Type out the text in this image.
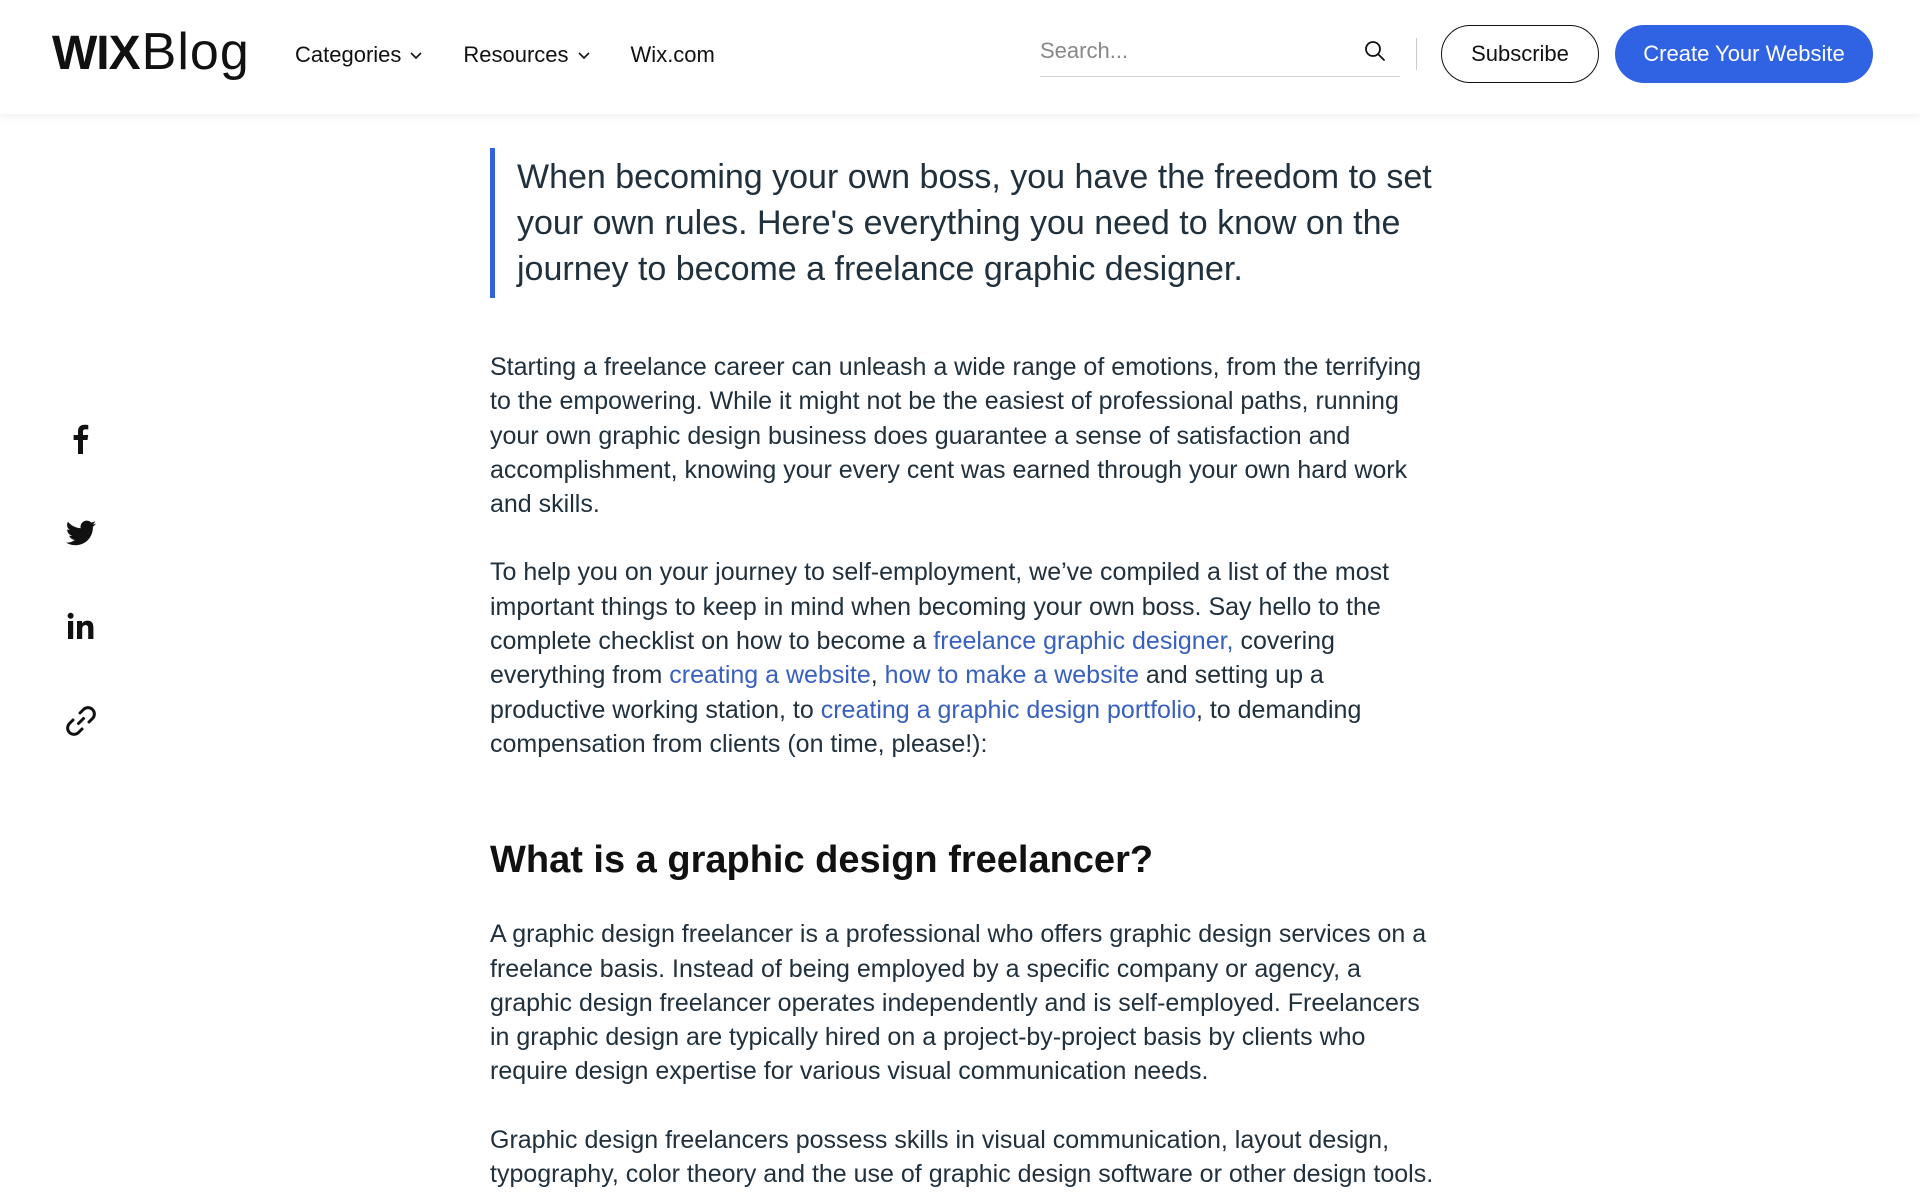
WIX Blog Categories	Resources	Wix.com
Search...	Subscribe	Create Your Website
When becoming your own boss, you have the freedom to set your own rules. Here's everything you need to know on the journey to become a freelance graphic designer.

Starting a freelance career can unleash a wide range of emotions, from the terrifying to the empowering. While it might not be the easiest of professional paths, running your own graphic design business does guarantee a sense of satisfaction and accomplishment, knowing your every cent was earned through your own hard work and skills.

To help you on your journey to self-employment, we’ve compiled a list of the most important things to keep in mind when becoming your own boss. Say hello to the complete checklist on how to become a freelance graphic designer, covering everything from creating a website, how to make a website and setting up a productive working station, to creating a graphic design portfolio, to demanding compensation from clients (on time, please!):

What is a graphic design freelancer?

A graphic design freelancer is a professional who offers graphic design services on a freelance basis. Instead of being employed by a specific company or agency, a graphic design freelancer operates independently and is self-employed. Freelancers in graphic design are typically hired on a project-by-project basis by clients who require design expertise for various visual communication needs.

Graphic design freelancers possess skills in visual communication, layout design, typography, color theory and the use of graphic design software or other design tools.
